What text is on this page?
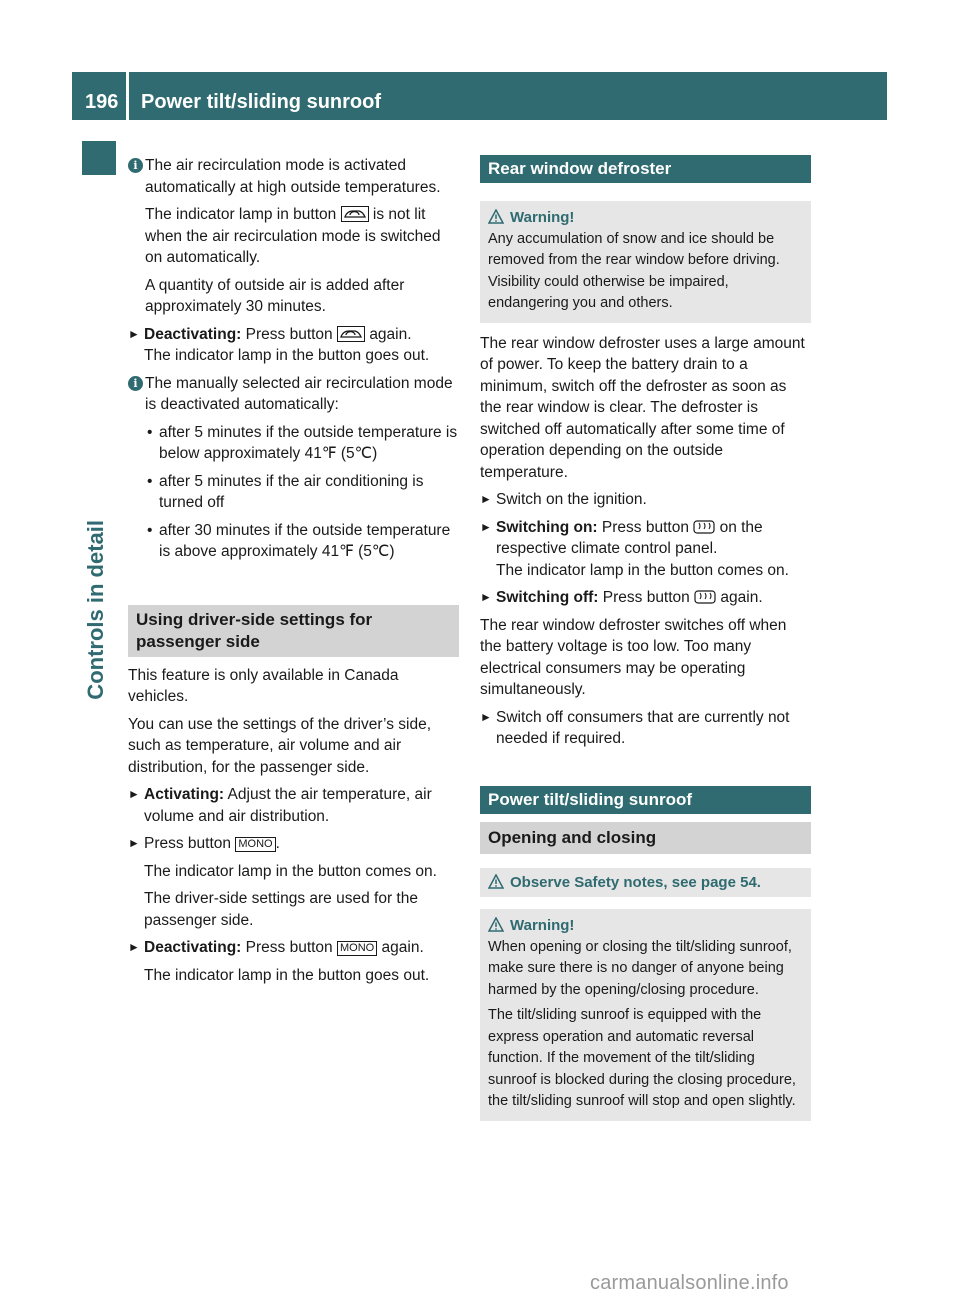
196 Power tilt/sliding sunroof
Controls in detail
i The air recirculation mode is activated automatically at high outside temperatures.

The indicator lamp in button is not lit when the air recirculation mode is switched on automatically.

A quantity of outside air is added after approximately 30 minutes.

► Deactivating: Press button again.
The indicator lamp in the button goes out.
i The manually selected air recirculation mode is deactivated automatically:

• after 5 minutes if the outside temperature is below approximately 41℉ (5℃)
• after 5 minutes if the air conditioning is turned off
• after 30 minutes if the outside temperature is above approximately 41℉ (5℃)
Using driver-side settings for passenger side

This feature is only available in Canada vehicles.

You can use the settings of the driver’s side, such as temperature, air volume and air distribution, for the passenger side.

► Activating: Adjust the air temperature, air volume and air distribution.
► Press button MONO .

The indicator lamp in the button comes on.

The driver-side settings are used for the passenger side.

► Deactivating: Press button MONO again.

The indicator lamp in the button goes out.

Rear window defroster
Warning!
Any accumulation of snow and ice should be removed from the rear window before driving. Visibility could otherwise be impaired, endangering you and others.

The rear window defroster uses a large amount of power. To keep the battery drain to a minimum, switch off the defroster as soon as the rear window is clear. The defroster is switched off automatically after some time of operation depending on the outside temperature.

► Switch on the ignition.
► Switching on: Press button on the respective climate control panel.
The indicator lamp in the button comes on.
► Switching off: Press button again.

The rear window defroster switches off when the battery voltage is too low. Too many electrical consumers may be operating simultaneously.

► Switch off consumers that are currently not needed if required.
Power tilt/sliding sunroof
Opening and closing
Observe Safety notes, see page 54.
Warning!
When opening or closing the tilt/sliding sunroof, make sure there is no danger of anyone being harmed by the opening/closing procedure.
The tilt/sliding sunroof is equipped with the express operation and automatic reversal function. If the movement of the tilt/sliding sunroof is blocked during the closing procedure, the tilt/sliding sunroof will stop and open slightly.
carmanualsonline.info
